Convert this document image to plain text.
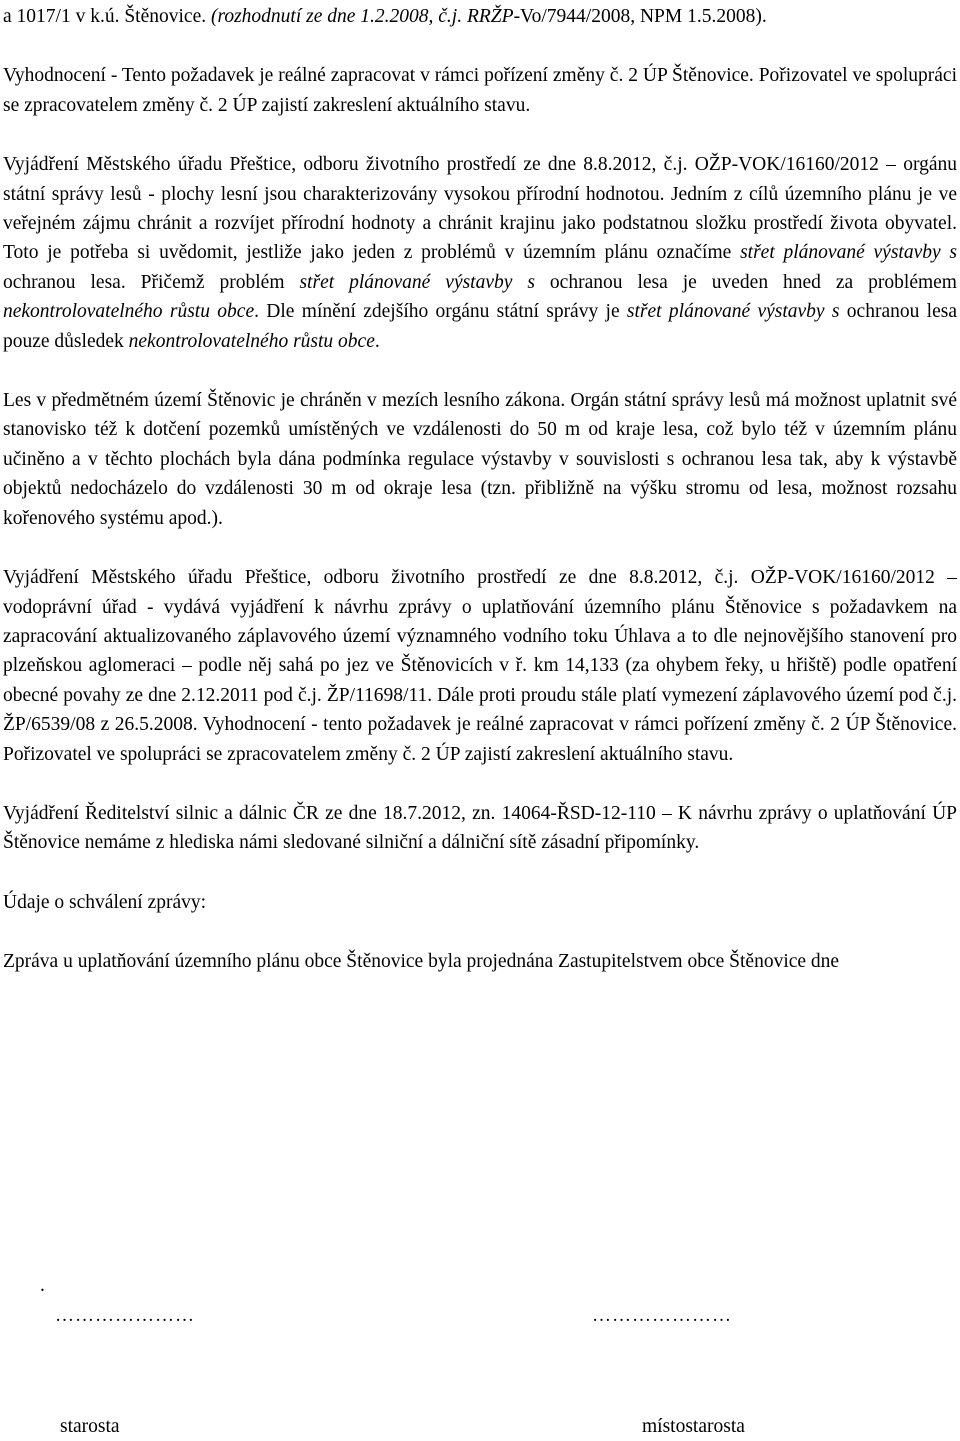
a 1017/1 v k.ú. Štěnovice. (rozhodnutí ze dne 1.2.2008, č.j. RRŽP-Vo/7944/2008, NPM 1.5.2008).

Vyhodnocení - Tento požadavek je reálné zapracovat v rámci pořízení změny č. 2 ÚP Štěnovice. Pořizovatel ve spolupráci se zpracovatelem změny č. 2 ÚP zajistí zakreslení aktuálního stavu.

Vyjádření Městského úřadu Přeštice, odboru životního prostředí ze dne 8.8.2012, č.j. OŽP-VOK/16160/2012 – orgánu státní správy lesů - plochy lesní jsou charakterizovány vysokou přírodní hodnotou. Jedním z cílů územního plánu je ve veřejném zájmu chránit a rozvíjet přírodní hodnoty a chránit krajinu jako podstatnou složku prostředí života obyvatel. Toto je potřeba si uvědomit, jestliže jako jeden z problémů v územním plánu označíme střet plánované výstavby s ochranou lesa. Přičemž problém střet plánované výstavby s ochranou lesa je uveden hned za problémem nekontrolovatelného růstu obce. Dle mínění zdejšího orgánu státní správy je střet plánované výstavby s ochranou lesa pouze důsledek nekontrolovatelného růstu obce.

Les v předmětném území Štěnovic je chráněn v mezích lesního zákona. Orgán státní správy lesů má možnost uplatnit své stanovisko též k dotčení pozemků umístěných ve vzdálenosti do 50 m od kraje lesa, což bylo též v územním plánu učiněno a v těchto plochách byla dána podmínka regulace výstavby v souvislosti s ochranou lesa tak, aby k výstavbě objektů nedocházelo do vzdálenosti 30 m od okraje lesa (tzn. přibližně na výšku stromu od lesa, možnost rozsahu kořenového systému apod.).

Vyjádření Městského úřadu Přeštice, odboru životního prostředí ze dne 8.8.2012, č.j. OŽP-VOK/16160/2012 – vodoprávní úřad - vydává vyjádření k návrhu zprávy o uplatňování územního plánu Štěnovice s požadavkem na zapracování aktualizovaného záplavového území významného vodního toku Úhlava a to dle nejnovějšího stanovení pro plzeňskou aglomeraci – podle něj sahá po jez ve Štěnovicích v ř. km 14,133 (za ohybem řeky, u hřiště) podle opatření obecné povahy ze dne 2.12.2011 pod č.j. ŽP/11698/11. Dále proti proudu stále platí vymezení záplavového území pod č.j. ŽP/6539/08 z 26.5.2008. Vyhodnocení - tento požadavek je reálné zapracovat v rámci pořízení změny č. 2 ÚP Štěnovice. Pořizovatel ve spolupráci se zpracovatelem změny č. 2 ÚP zajistí zakreslení aktuálního stavu.

Vyjádření Ředitelství silnic a dálnic ČR ze dne 18.7.2012, zn. 14064-ŘSD-12-110 – K návrhu zprávy o uplatňování ÚP Štěnovice nemáme z hlediska námi sledované silniční a dálniční sítě zásadní připomínky.

Údaje o schválení zprávy:

Zpráva u uplatňování územního plánu obce Štěnovice byla projednána Zastupitelstvem obce Štěnovice dne

.
…………………	…………………
starosta	místostarosta
